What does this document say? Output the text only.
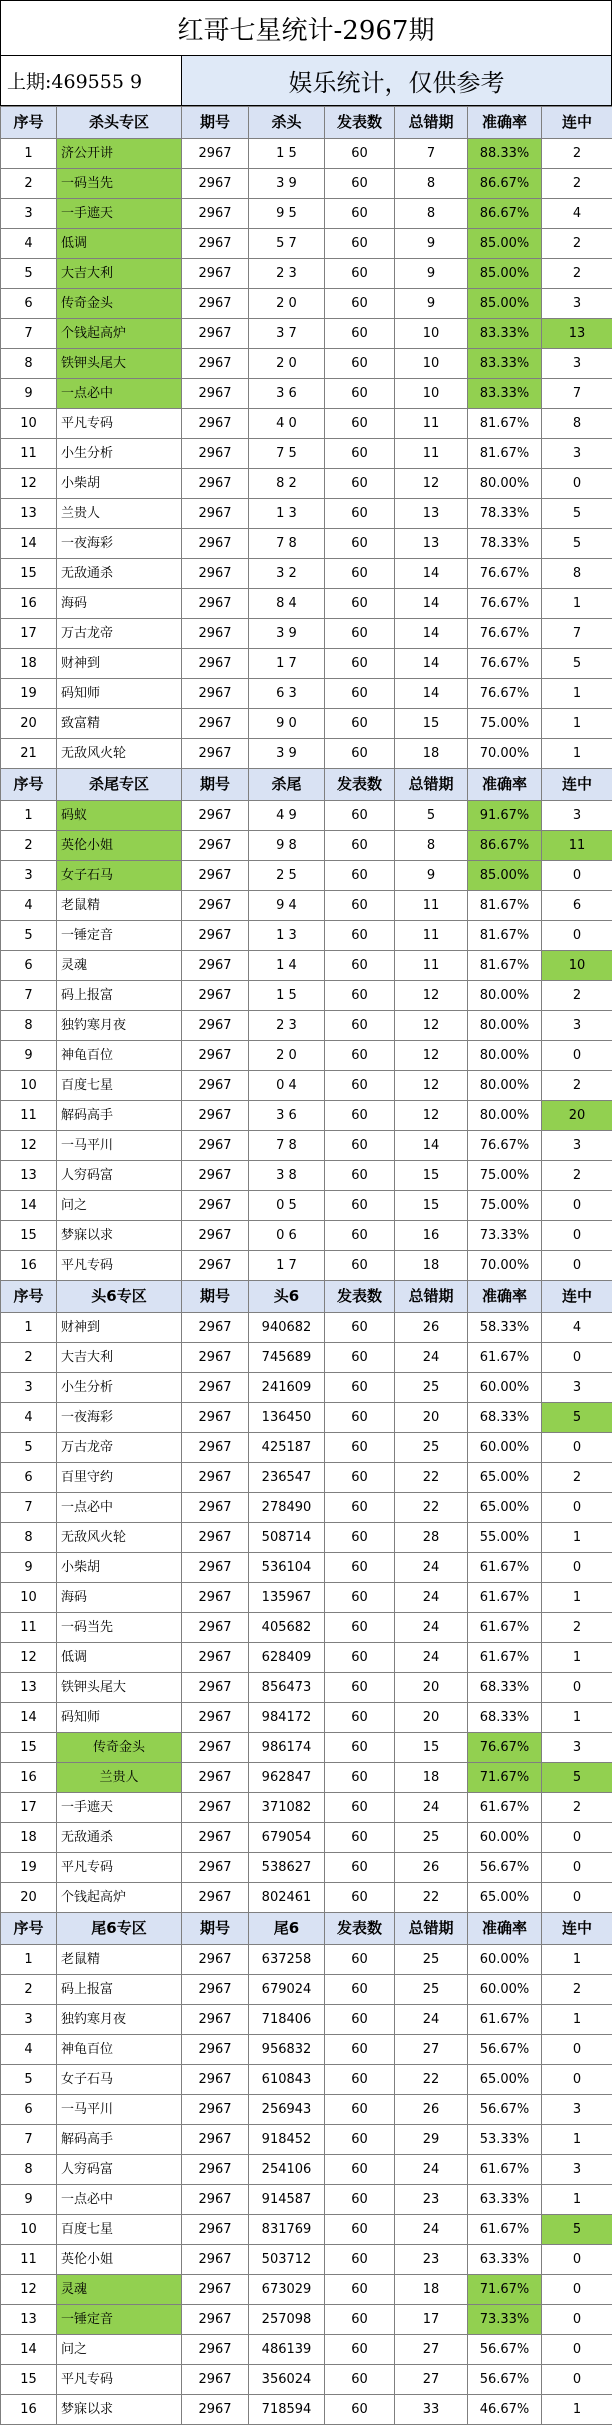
红哥七星统计-2967期
上期:469555 9	娱乐统计，仅供参考
序号	杀头专区	期号	杀头	发表数	总错期	准确率	连中
1	济公开讲	2967	1 5	60	7	88.33%	2
2	一码当先	2967	3 9	60	8	86.67%	2
3	一手遮天	2967	9 5	60	8	86.67%	4
4	低调	2967	5 7	60	9	85.00%	2
5	大吉大利	2967	2 3	60	9	85.00%	2
6	传奇金头	2967	2 0	60	9	85.00%	3
7	个钱起高炉	2967	3 7	60	10	83.33%	13
8	铁钾头尾大	2967	2 0	60	10	83.33%	3
9	一点必中	2967	3 6	60	10	83.33%	7
10	平凡专码	2967	4 0	60	11	81.67%	8
11	小生分析	2967	7 5	60	11	81.67%	3
12	小柴胡	2967	8 2	60	12	80.00%	0
13	兰贵人	2967	1 3	60	13	78.33%	5
14	一夜海彩	2967	7 8	60	13	78.33%	5
15	无敌通杀	2967	3 2	60	14	76.67%	8
16	海码	2967	8 4	60	14	76.67%	1
17	万古龙帝	2967	3 9	60	14	76.67%	7
18	财神到	2967	1 7	60	14	76.67%	5
19	码知师	2967	6 3	60	14	76.67%	1
20	致富精	2967	9 0	60	15	75.00%	1
21	无敌风火轮	2967	3 9	60	18	70.00%	1
序号	杀尾专区	期号	杀尾	发表数	总错期	准确率	连中
1	码蚁	2967	4 9	60	5	91.67%	3
2	英伦小姐	2967	9 8	60	8	86.67%	11
3	女子石马	2967	2 5	60	9	85.00%	0
4	老鼠精	2967	9 4	60	11	81.67%	6
5	一锤定音	2967	1 3	60	11	81.67%	0
6	灵魂	2967	1 4	60	11	81.67%	10
7	码上报富	2967	1 5	60	12	80.00%	2
8	独钓寒月夜	2967	2 3	60	12	80.00%	3
9	神龟百位	2967	2 0	60	12	80.00%	0
10	百度七星	2967	0 4	60	12	80.00%	2
11	解码高手	2967	3 6	60	12	80.00%	20
12	一马平川	2967	7 8	60	14	76.67%	3
13	人穷码富	2967	3 8	60	15	75.00%	2
14	问之	2967	0 5	60	15	75.00%	0
15	梦寐以求	2967	0 6	60	16	73.33%	0
16	平凡专码	2967	1 7	60	18	70.00%	0
序号	头6专区	期号	头6	发表数	总错期	准确率	连中
1	财神到	2967	940682	60	26	58.33%	4
2	大吉大利	2967	745689	60	24	61.67%	0
3	小生分析	2967	241609	60	25	60.00%	3
4	一夜海彩	2967	136450	60	20	68.33%	5
5	万古龙帝	2967	425187	60	25	60.00%	0
6	百里守约	2967	236547	60	22	65.00%	2
7	一点必中	2967	278490	60	22	65.00%	0
8	无敌风火轮	2967	508714	60	28	55.00%	1
9	小柴胡	2967	536104	60	24	61.67%	0
10	海码	2967	135967	60	24	61.67%	1
11	一码当先	2967	405682	60	24	61.67%	2
12	低调	2967	628409	60	24	61.67%	1
13	铁钾头尾大	2967	856473	60	20	68.33%	0
14	码知师	2967	984172	60	20	68.33%	1
15	传奇金头	2967	986174	60	15	76.67%	3
16	兰贵人	2967	962847	60	18	71.67%	5
17	一手遮天	2967	371082	60	24	61.67%	2
18	无敌通杀	2967	679054	60	25	60.00%	0
19	平凡专码	2967	538627	60	26	56.67%	0
20	个钱起高炉	2967	802461	60	22	65.00%	0
序号	尾6专区	期号	尾6	发表数	总错期	准确率	连中
1	老鼠精	2967	637258	60	25	60.00%	1
2	码上报富	2967	679024	60	25	60.00%	2
3	独钓寒月夜	2967	718406	60	24	61.67%	1
4	神龟百位	2967	956832	60	27	56.67%	0
5	女子石马	2967	610843	60	22	65.00%	0
6	一马平川	2967	256943	60	26	56.67%	3
7	解码高手	2967	918452	60	29	53.33%	1
8	人穷码富	2967	254106	60	24	61.67%	3
9	一点必中	2967	914587	60	23	63.33%	1
10	百度七星	2967	831769	60	24	61.67%	5
11	英伦小姐	2967	503712	60	23	63.33%	0
12	灵魂	2967	673029	60	18	71.67%	0
13	一锤定音	2967	257098	60	17	73.33%	0
14	问之	2967	486139	60	27	56.67%	0
15	平凡专码	2967	356024	60	27	56.67%	0
16	梦寐以求	2967	718594	60	33	46.67%	1
